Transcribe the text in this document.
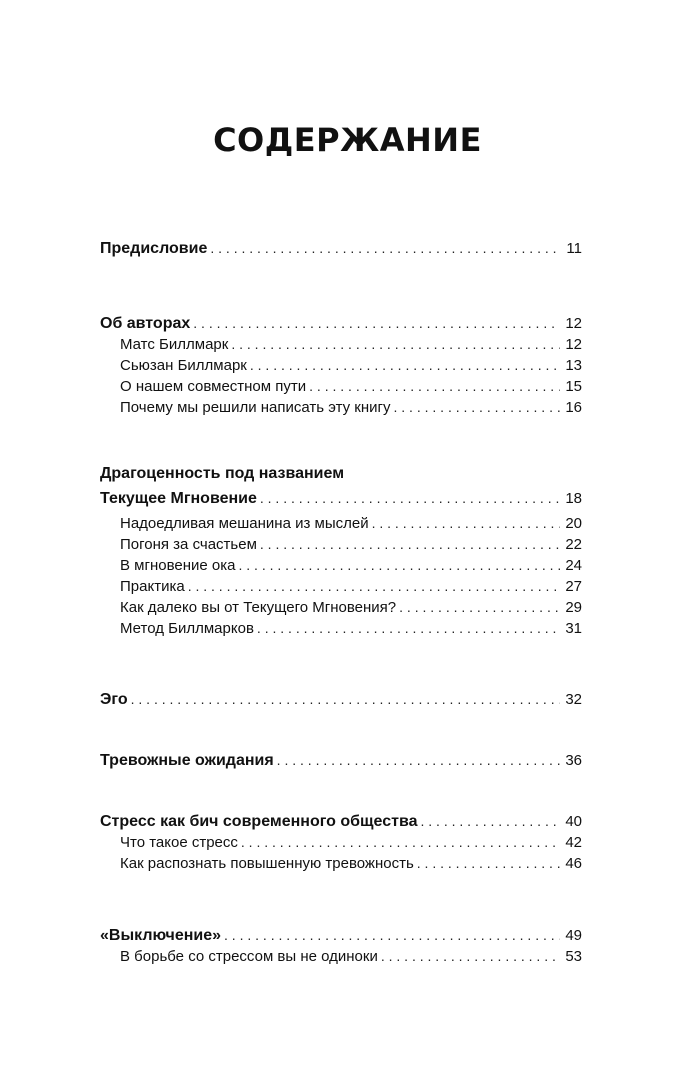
СОДЕРЖАНИЕ
Предисловие . . .	11
Об авторах . . .	12
Матс Биллмарк . . .	12
Сьюзан Биллмарк . . .	13
О нашем совместном пути . . .	15
Почему мы решили написать эту книгу . . .	16
Драгоценность под названием
Текущее Мгновение . . .	18
Надоедливая мешанина из мыслей . . .	20
Погоня за счастьем . . .	22
В мгновение ока . . .	24
Практика . . .	27
Как далеко вы от Текущего Мгновения? . . .	29
Метод Биллмарков . . .	31
Эго . . .	32
Тревожные ожидания . . .	36
Стресс как бич современного общества . . .	40
Что такое стресс . . .	42
Как распознать повышенную тревожность . . .	46
«Выключение» . . .	49
В борьбе со стрессом вы не одиноки . . .	53
